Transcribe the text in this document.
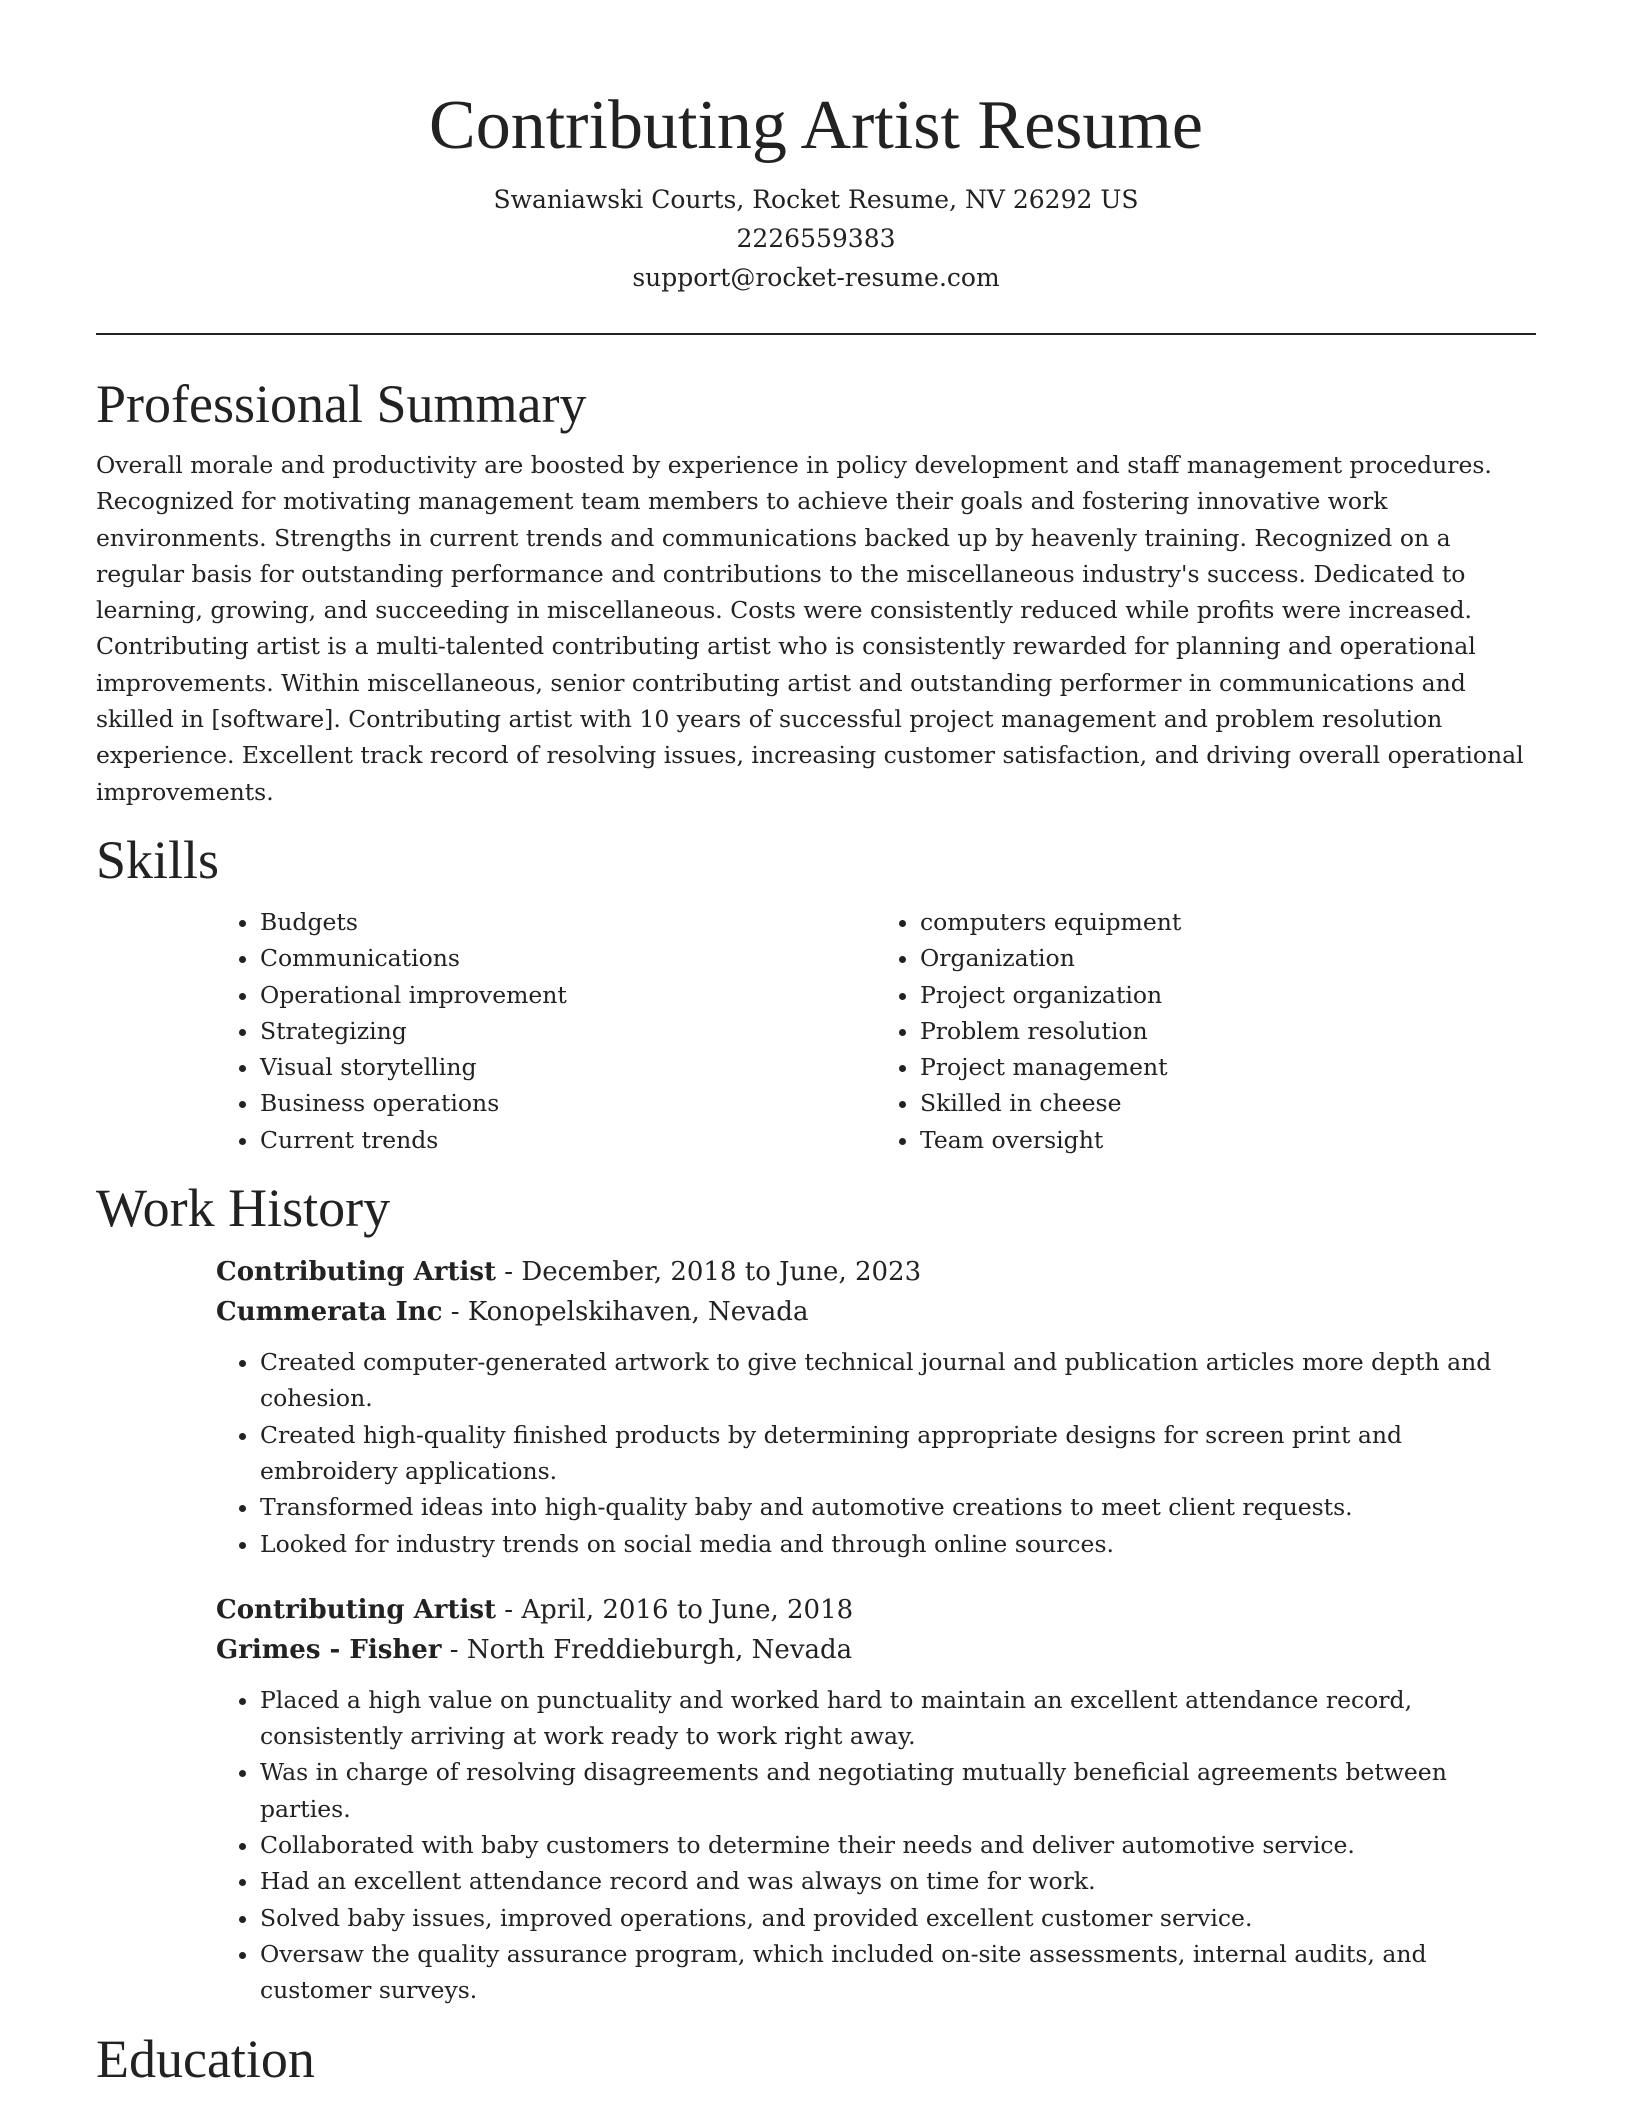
Contributing Artist Resume
Swaniawski Courts, Rocket Resume, NV 26292 US
2226559383
support@rocket-resume.com
Professional Summary

Overall morale and productivity are boosted by experience in policy development and staff management procedures. Recognized for motivating management team members to achieve their goals and fostering innovative work environments. Strengths in current trends and communications backed up by heavenly training. Recognized on a regular basis for outstanding performance and contributions to the miscellaneous industry's success. Dedicated to learning, growing, and succeeding in miscellaneous. Costs were consistently reduced while profits were increased. Contributing artist is a multi-talented contributing artist who is consistently rewarded for planning and operational improvements. Within miscellaneous, senior contributing artist and outstanding performer in communications and skilled in [software]. Contributing artist with 10 years of successful project management and problem resolution experience. Excellent track record of resolving issues, increasing customer satisfaction, and driving overall operational improvements.

Skills
• Budgets
• Communications
• Operational improvement
• Strategizing
• Visual storytelling
• Business operations
• Current trends
• computers equipment
• Organization
• Project organization
• Problem resolution
• Project management
• Skilled in cheese
• Team oversight
Work History
Contributing Artist - December, 2018 to June, 2023
Cummerata Inc - Konopelskihaven, Nevada
• Created computer-generated artwork to give technical journal and publication articles more depth and cohesion.
• Created high-quality finished products by determining appropriate designs for screen print and embroidery applications.
• Transformed ideas into high-quality baby and automotive creations to meet client requests.
• Looked for industry trends on social media and through online sources.
Contributing Artist - April, 2016 to June, 2018
Grimes - Fisher - North Freddieburgh, Nevada
• Placed a high value on punctuality and worked hard to maintain an excellent attendance record, consistently arriving at work ready to work right away.
• Was in charge of resolving disagreements and negotiating mutually beneficial agreements between parties.
• Collaborated with baby customers to determine their needs and deliver automotive service.
• Had an excellent attendance record and was always on time for work.
• Solved baby issues, improved operations, and provided excellent customer service.
• Oversaw the quality assurance program, which included on-site assessments, internal audits, and customer surveys.
Education
